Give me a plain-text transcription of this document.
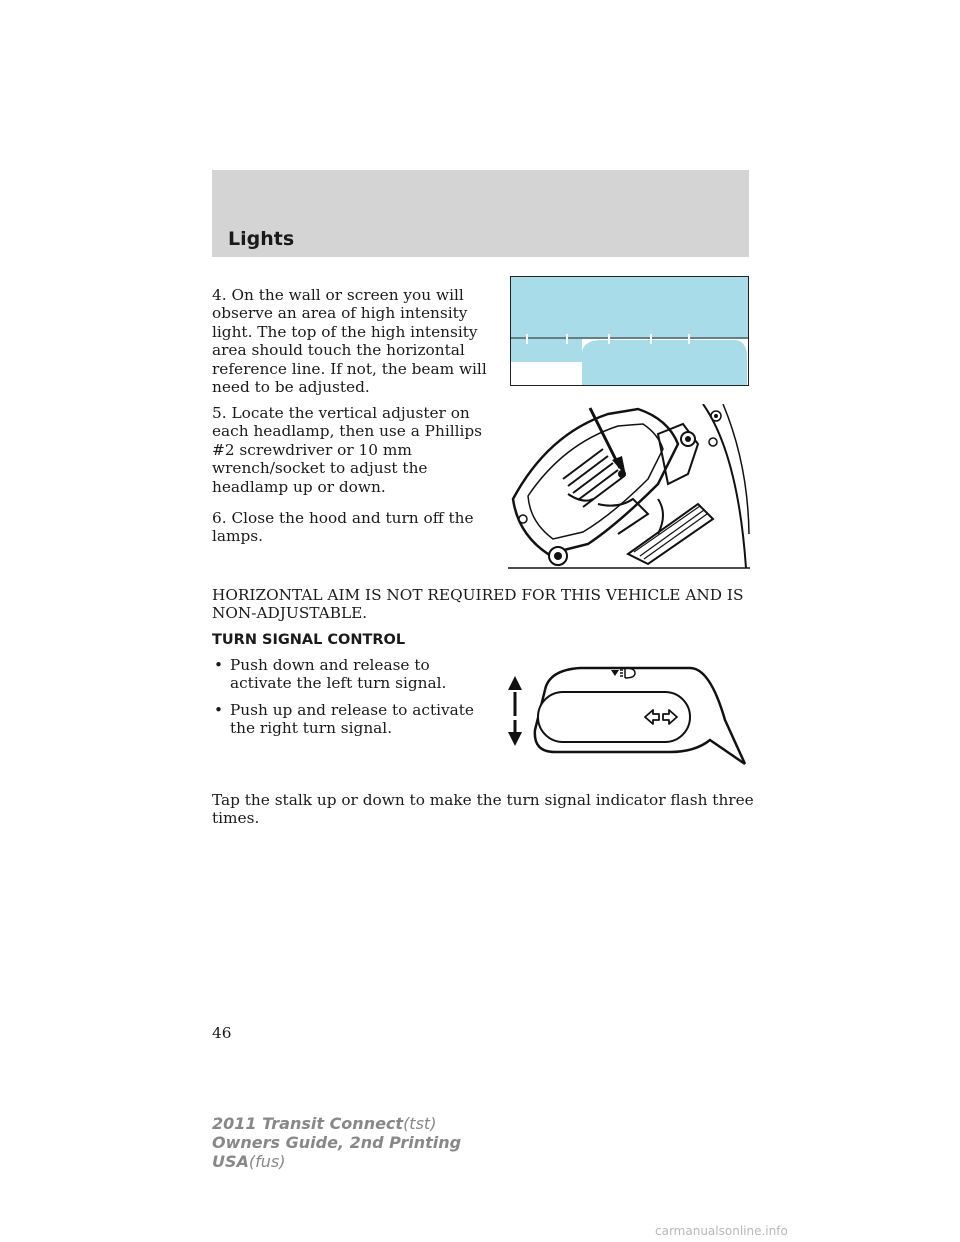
Lights

4. On the wall or screen you will observe an area of high intensity light. The top of the high intensity area should touch the horizontal reference line. If not, the beam will need to be adjusted.

5. Locate the vertical adjuster on each headlamp, then use a Phillips #2 screwdriver or 10 mm wrench/socket to adjust the headlamp up or down.

6. Close the hood and turn off the lamps.

HORIZONTAL AIM IS NOT REQUIRED FOR THIS VEHICLE AND IS
NON-ADJUSTABLE.
TURN SIGNAL CONTROL
• Push down and release to activate the left turn signal.
• Push up and release to activate the right turn signal.
Tap the stalk up or down to make the turn signal indicator flash three
times.
46
2011 Transit Connect(tst)
Owners Guide, 2nd Printing
USA(fus)
carmanualsonline.info
